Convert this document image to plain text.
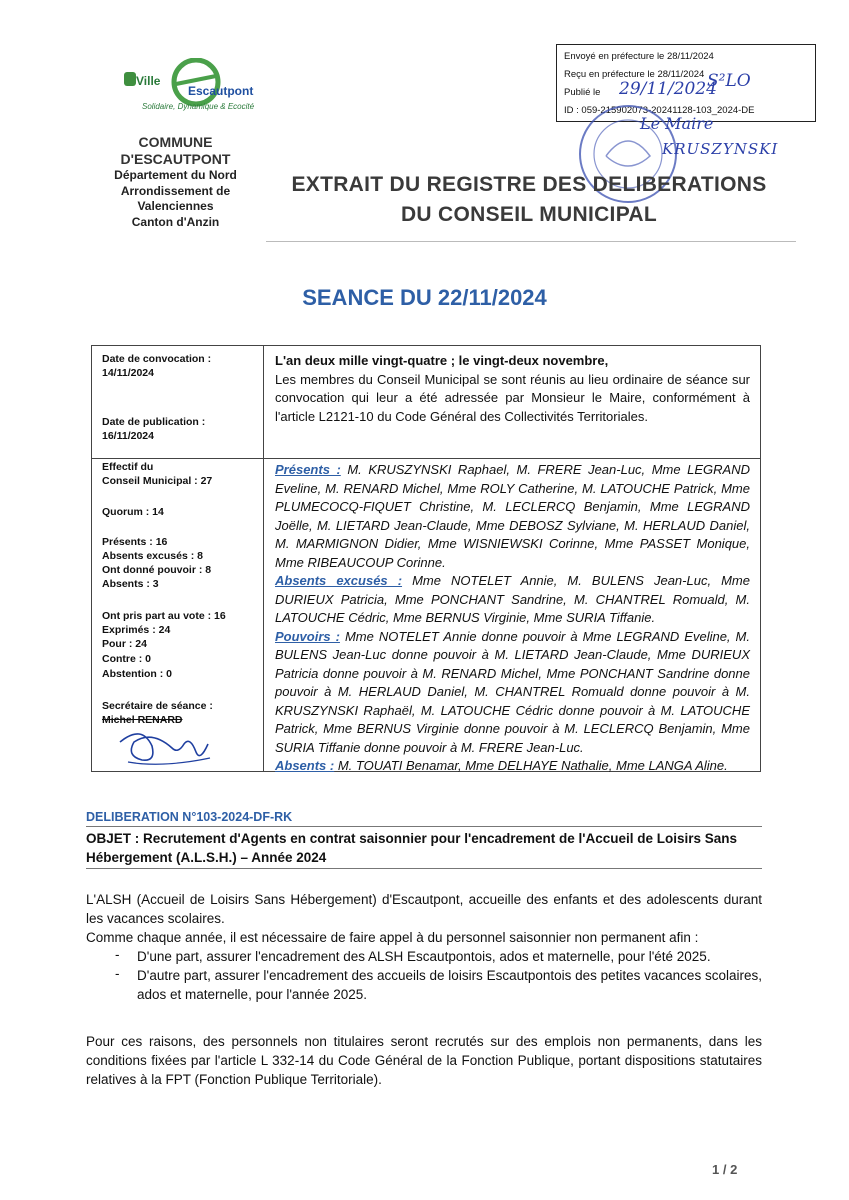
Ville
Escautpont
Solidaire, Dynamique & Ecocité
COMMUNE
D'ESCAUTPONT
Département du Nord
Arrondissement de
Valenciennes
Canton d'Anzin
Envoyé en préfecture le 28/11/2024
Reçu en préfecture le 28/11/2024
Publié le 29/11/2024
S²LO
ID : 059-215902073-20241128-103_2024-DE
Le Maire
KRUSZYNSKI
EXTRAIT DU REGISTRE DES DELIBERATIONS
DU CONSEIL MUNICIPAL
SEANCE DU 22/11/2024
Date de convocation :
14/11/2024
Date de publication :
16/11/2024
Effectif du
Conseil Municipal : 27
Quorum : 14
Présents : 16
Absents excusés : 8
Ont donné pouvoir : 8
Absents : 3
Ont pris part au vote : 16
Exprimés : 24
Pour : 24
Contre : 0
Abstention : 0
Secrétaire de séance :
Michel RENARD
L'an deux mille vingt-quatre ; le vingt-deux novembre,
Les membres du Conseil Municipal se sont réunis au lieu ordinaire de séance sur convocation qui leur a été adressée par Monsieur le Maire, conformément à l'article L2121-10 du Code Général des Collectivités Territoriales.
Présents : M. KRUSZYNSKI Raphael, M. FRERE Jean-Luc, Mme LEGRAND Eveline, M. RENARD Michel, Mme ROLY Catherine, M. LATOUCHE Patrick, Mme PLUMECOCQ-FIQUET Christine, M. LECLERCQ Benjamin, Mme LEGRAND Joëlle, M. LIETARD Jean-Claude, Mme DEBOSZ Sylviane, M. HERLAUD Daniel, M. MARMIGNON Didier, Mme WISNIEWSKI Corinne, Mme PASSET Monique, Mme RIBEAUCOUP Corinne.
Absents excusés : Mme NOTELET Annie, M. BULENS Jean-Luc, Mme DURIEUX Patricia, Mme PONCHANT Sandrine, M. CHANTREL Romuald, M. LATOUCHE Cédric, Mme BERNUS Virginie, Mme SURIA Tiffanie.
Pouvoirs : Mme NOTELET Annie donne pouvoir à Mme LEGRAND Eveline, M. BULENS Jean-Luc donne pouvoir à M. LIETARD Jean-Claude, Mme DURIEUX Patricia donne pouvoir à M. RENARD Michel, Mme PONCHANT Sandrine donne pouvoir à M. HERLAUD Daniel, M. CHANTREL Romuald donne pouvoir à M. KRUSZYNSKI Raphaël, M. LATOUCHE Cédric donne pouvoir à M. LATOUCHE Patrick, Mme BERNUS Virginie donne pouvoir à M. LECLERCQ Benjamin, Mme SURIA Tiffanie donne pouvoir à M. FRERE Jean-Luc.
Absents : M. TOUATI Benamar, Mme DELHAYE Nathalie, Mme LANGA Aline.
DELIBERATION N°103-2024-DF-RK
OBJET : Recrutement d'Agents en contrat saisonnier pour l'encadrement de l'Accueil de Loisirs Sans Hébergement (A.L.S.H.) – Année 2024
L'ALSH (Accueil de Loisirs Sans Hébergement) d'Escautpont, accueille des enfants et des adolescents durant les vacances scolaires.
Comme chaque année, il est nécessaire de faire appel à du personnel saisonnier non permanent afin :
- D'une part, assurer l'encadrement des ALSH Escautpontois, ados et maternelle, pour l'été 2025.
- D'autre part, assurer l'encadrement des accueils de loisirs Escautpontois des petites vacances scolaires, ados et maternelle, pour l'année 2025.
Pour ces raisons, des personnels non titulaires seront recrutés sur des emplois non permanents, dans les conditions fixées par l'article L 332-14 du Code Général de la Fonction Publique, portant dispositions statutaires relatives à la FPT (Fonction Publique Territoriale).
1 / 2
